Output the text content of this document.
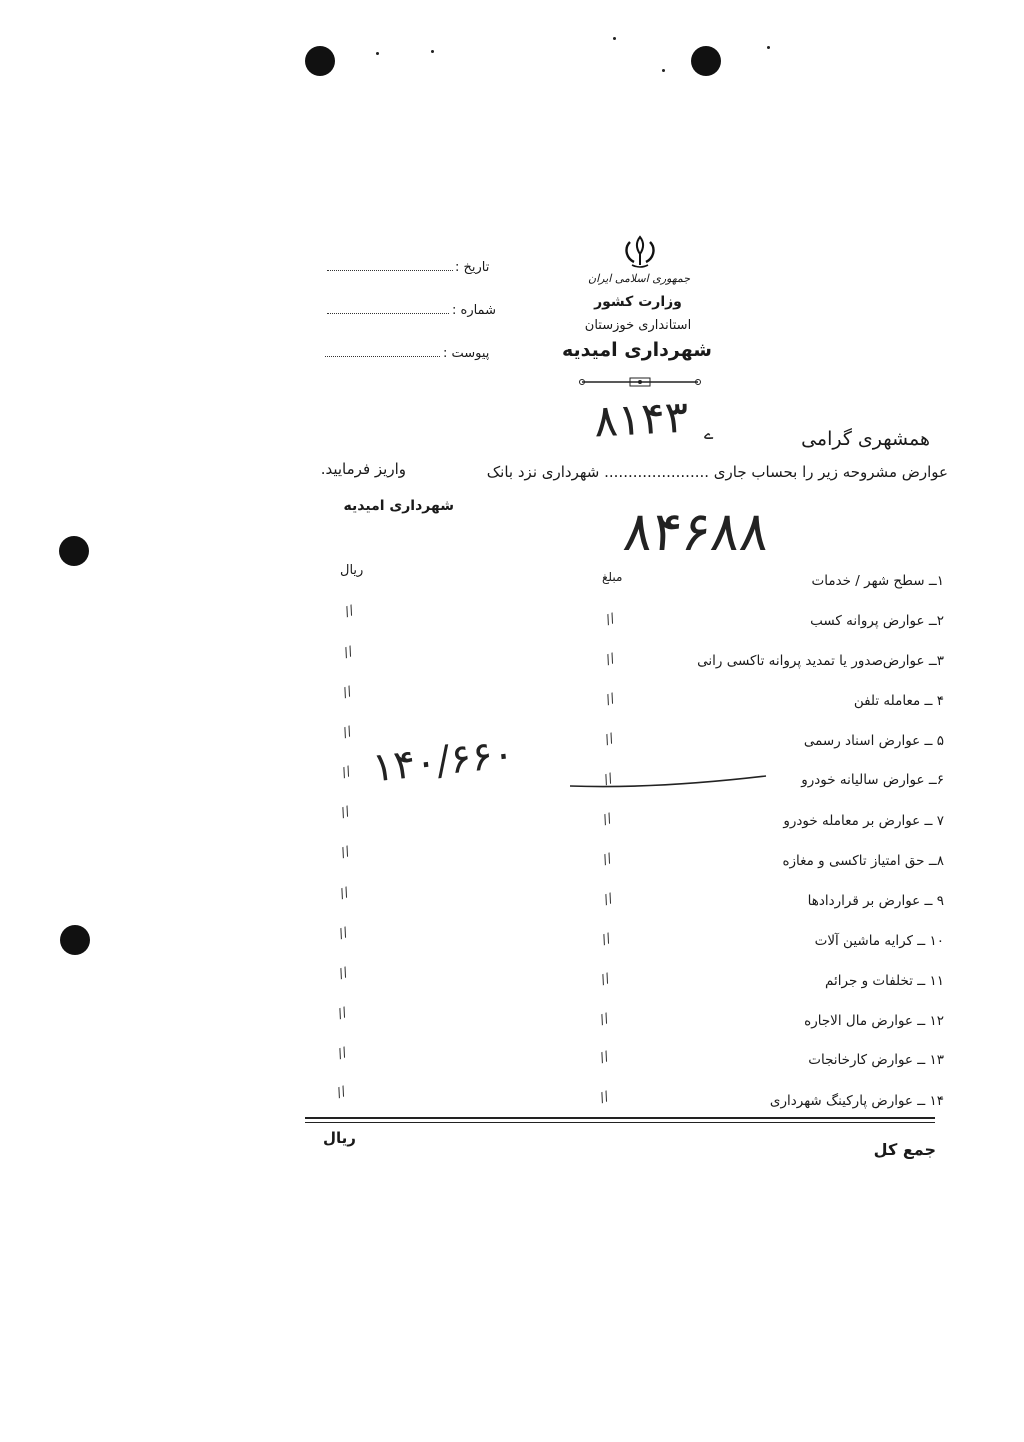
تاریخ :
شماره :
پیوست :
جمهوری اسلامی ایران
وزارت کشور
استانداری خوزستان
شهرداری امیدیه
۸۱۴۳ ے
۸۴۶۸۸
همشهری گرامی
عوارض مشروحه زیر را بحساب جاری ...................... شهرداری نزد بانک
واریز فرمایید.
شهرداری امیدیه
مبلغ
ریال
۱ــ سطح شهر / خدمات
۲ــ عوارض پروانه کسب
۳ــ عوارض‌صدور یا تمدید پروانه تاکسی رانی
۴ ــ معامله تلفن
۵ ــ عوارض اسناد رسمی
۶ــ عوارض سالیانه خودرو
۷ ــ عوارض بر معامله خودرو
۸ــ حق امتیاز تاکسی و مغازه
۹ ــ عوارض بر قراردادها
۱۰ ــ کرایه ماشین آلات
۱۱ ــ تخلفات و جرائم
۱۲ ــ عوارض مال الاجاره
۱۳ ــ عوارض کارخانجات
۱۴ ــ عوارض پارکینگ شهرداری
//
//
//
//
//
//
//
//
//
//
//
//
//
//
//
//
//
//
//
//
//
//
//
//
//
//
۱۴۰/۶۶۰
جمع کل
ریال
